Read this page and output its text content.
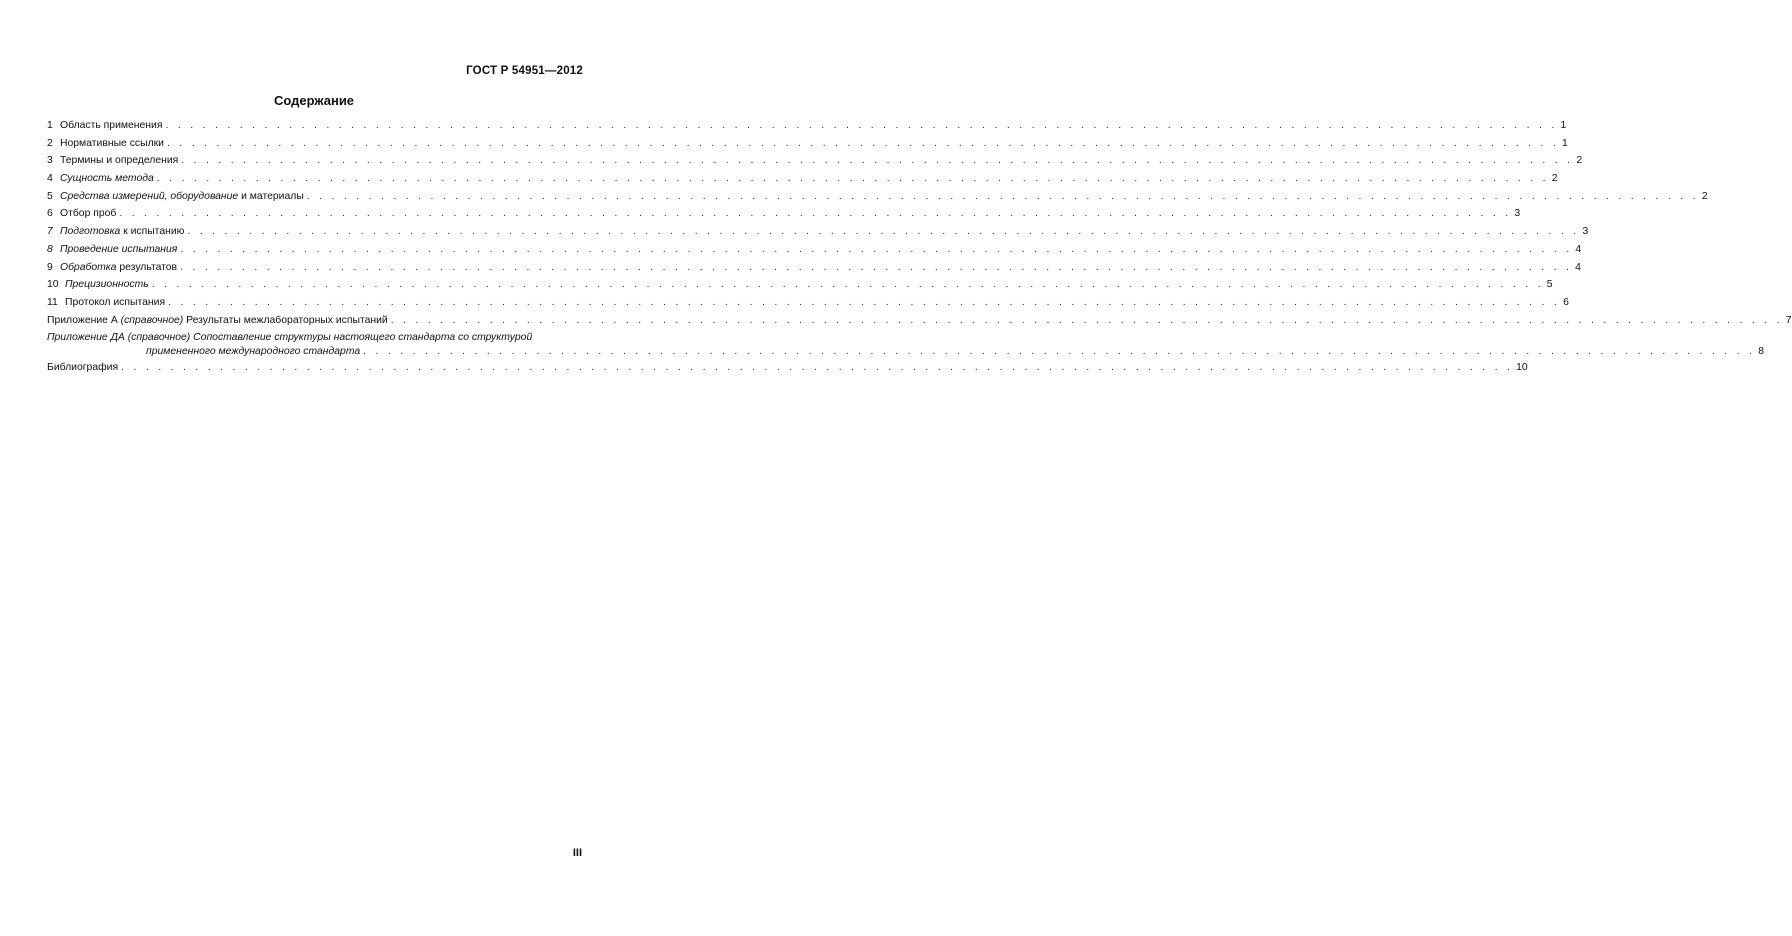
ГОСТ Р 54951—2012
Содержание
1 Область применения . . .	1
2 Нормативные ссылки . . .	1
3 Термины и определения . . .	2
4 Сущность метода . . .	2
5 Средства измерений, оборудование и материалы . . .	2
6 Отбор проб . . .	3
7 Подготовка к испытанию . . .	3
8 Проведение испытания . . .	4
9 Обработка результатов . . .	4
10 Прецизионность . . .	5
11 Протокол испытания . . .	6
Приложение А (справочное) Результаты межлабораторных испытаний . . .	7
Приложение ДА (справочное) Сопоставление структуры настоящего стандарта со структурой
примененного международного стандарта . . .	8
Библиография . . .	10
III
